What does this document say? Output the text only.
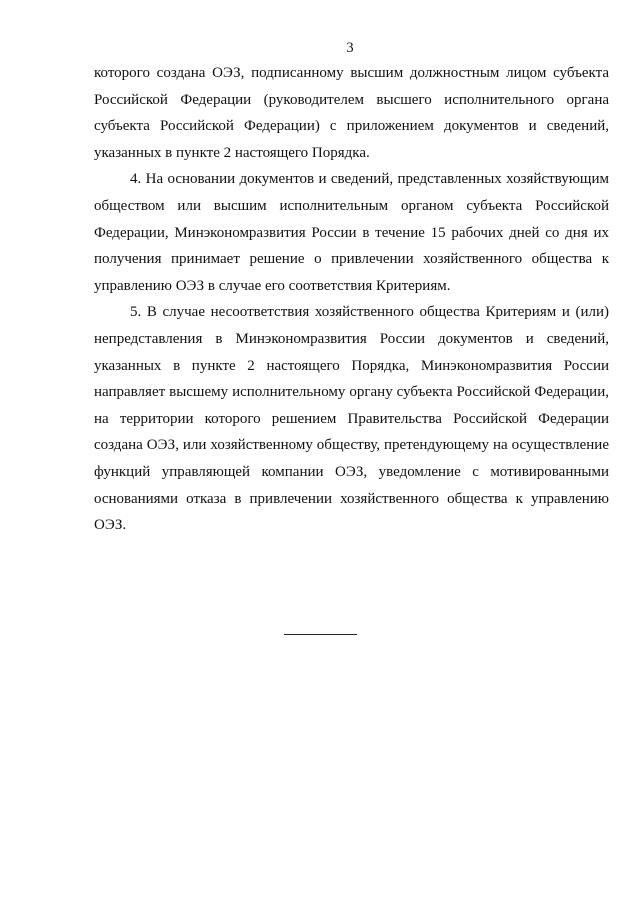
3

которого создана ОЭЗ, подписанному высшим должностным лицом субъекта Российской Федерации (руководителем высшего исполнительного органа субъекта Российской Федерации) с приложением документов и сведений, указанных в пункте 2 настоящего Порядка.

4. На основании документов и сведений, представленных хозяйствующим обществом или высшим исполнительным органом субъекта Российской Федерации, Минэкономразвития России в течение 15 рабочих дней со дня их получения принимает решение о привлечении хозяйственного общества к управлению ОЭЗ в случае его соответствия Критериям.

5. В случае несоответствия хозяйственного общества Критериям и (или) непредставления в Минэкономразвития России документов и сведений, указанных в пункте 2 настоящего Порядка, Минэкономразвития России направляет высшему исполнительному органу субъекта Российской Федерации, на территории которого решением Правительства Российской Федерации создана ОЭЗ, или хозяйственному обществу, претендующему на осуществление функций управляющей компании ОЭЗ, уведомление с мотивированными основаниями отказа в привлечении хозяйственного общества к управлению ОЭЗ.
